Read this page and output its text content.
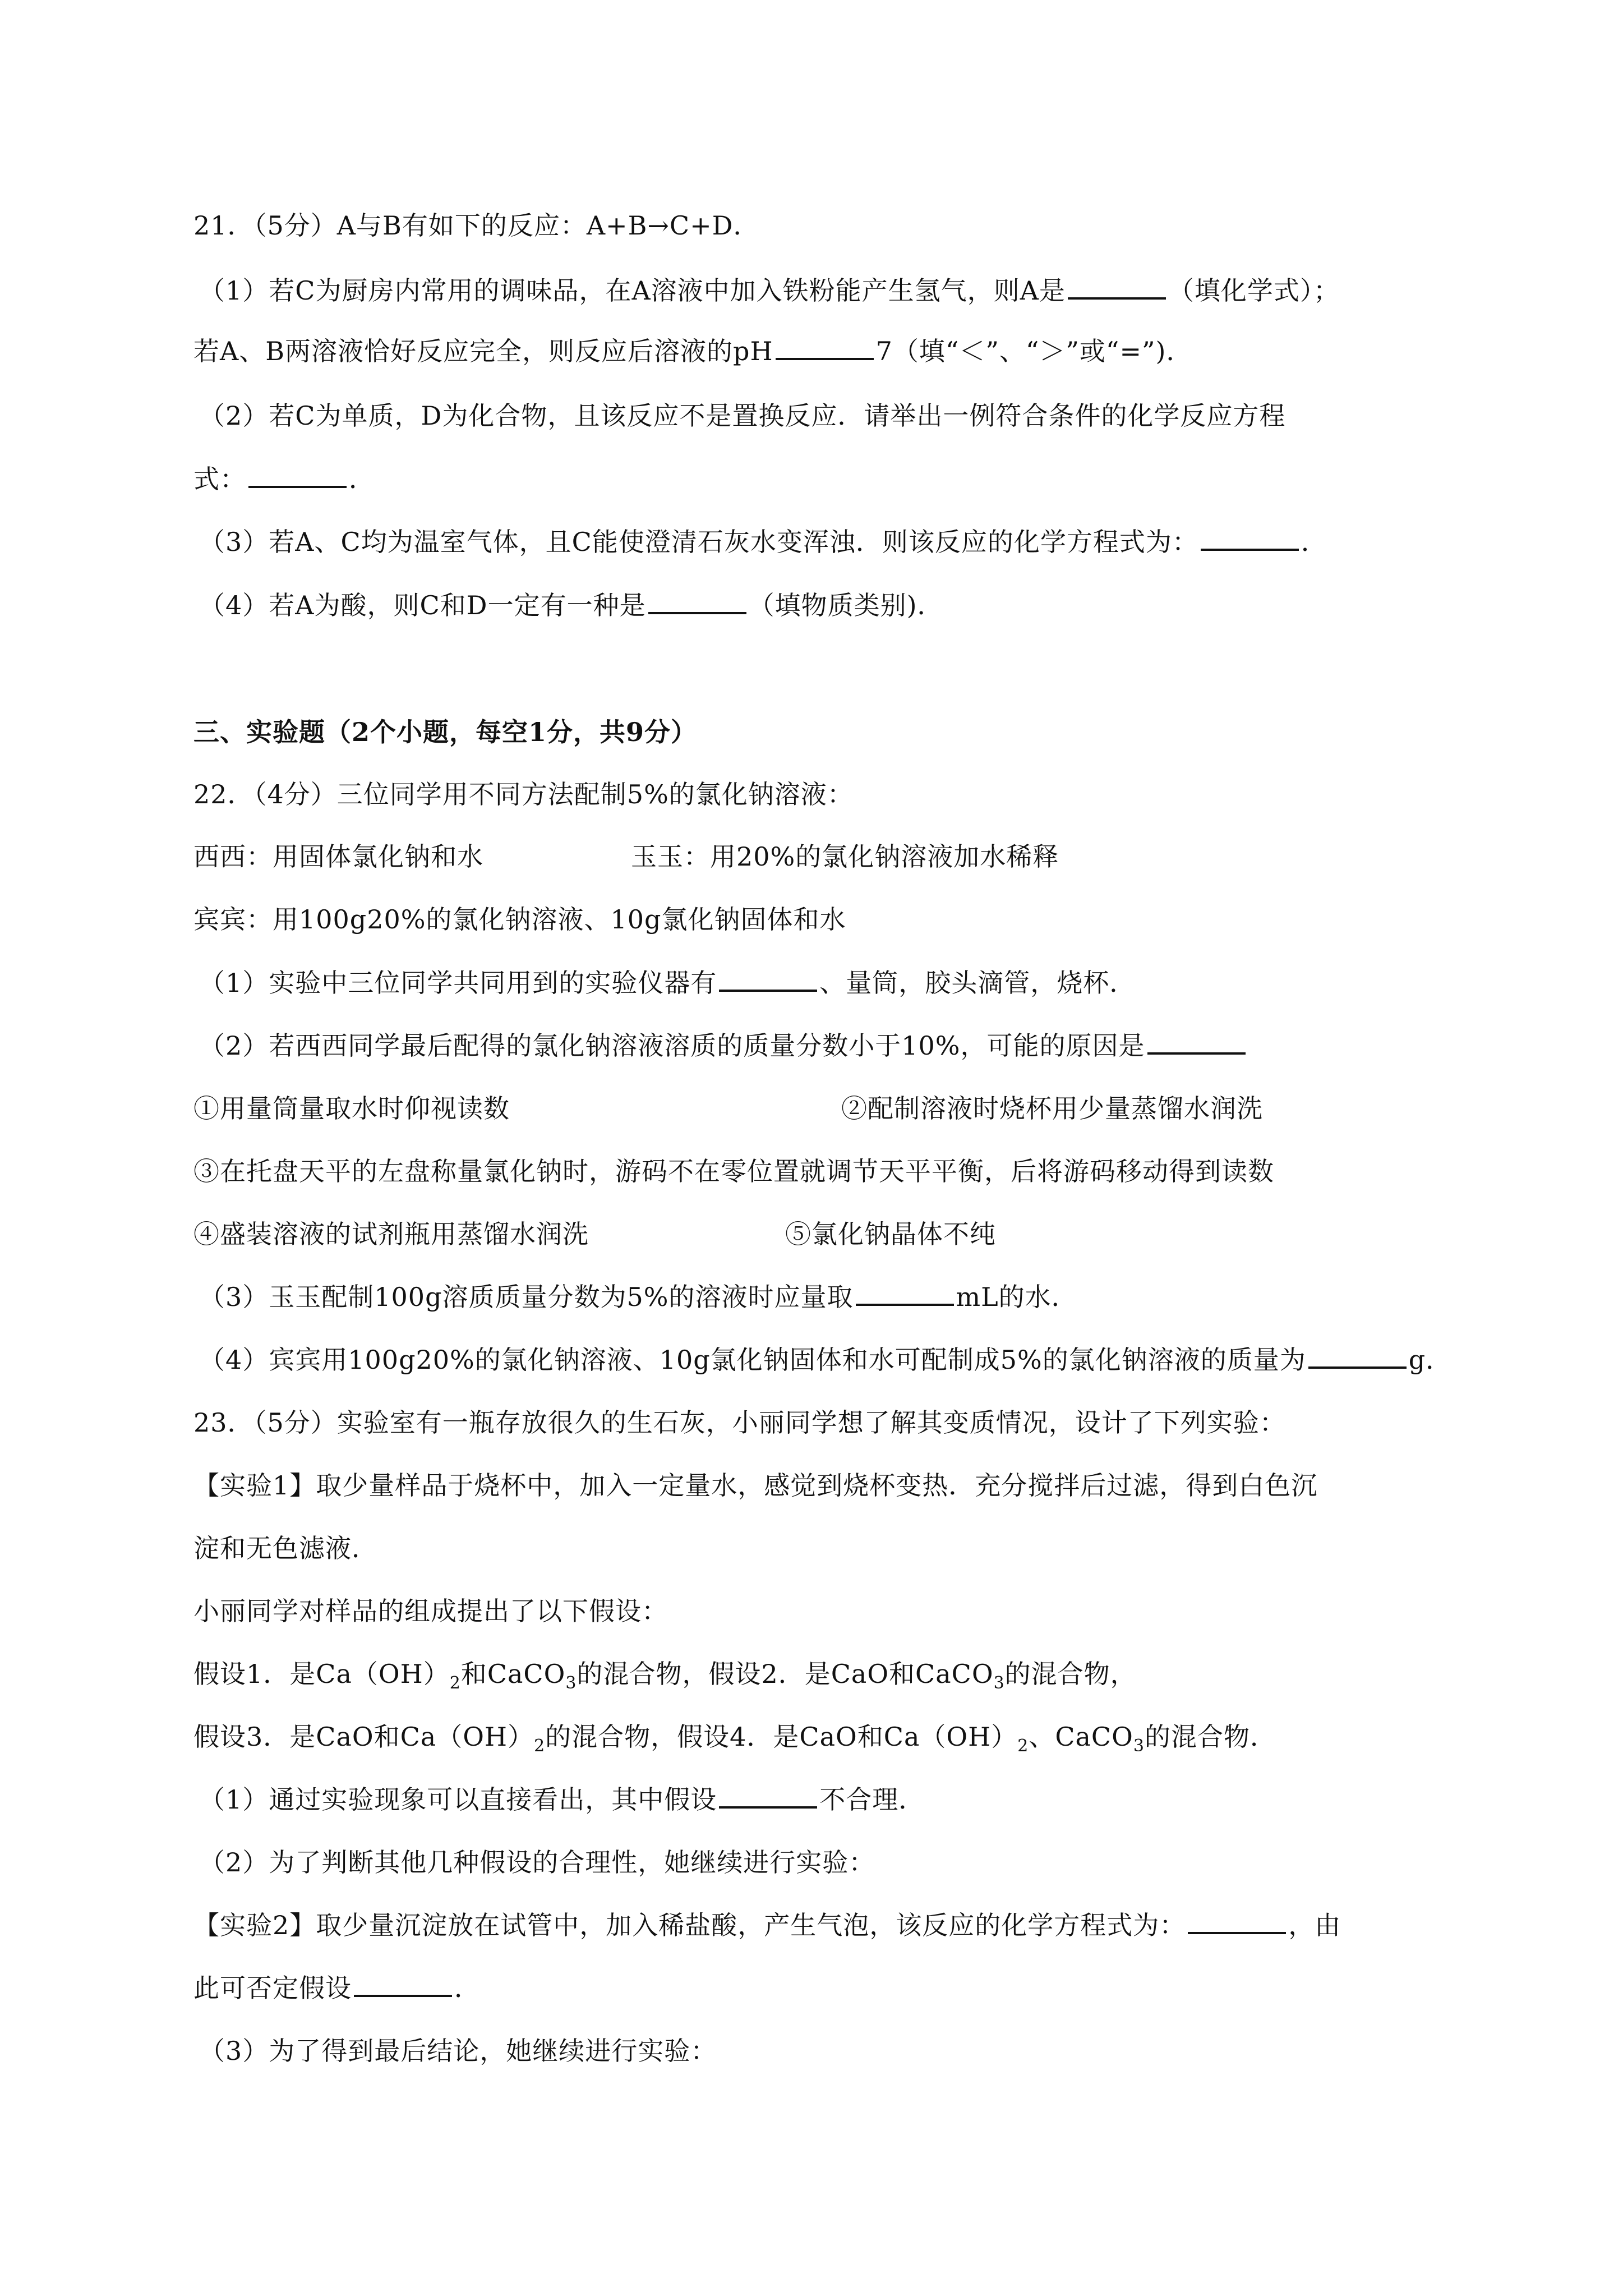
21．（5分）A与B有如下的反应：A+B→C+D．
（1）若C为厨房内常用的调味品，在A溶液中加入铁粉能产生氢气，则A是	（填化学式）；
若A、B两溶液恰好反应完全，则反应后溶液的pH	7（填“＜”、“＞”或“=”)．
（2）若C为单质，D为化合物，且该反应不是置换反应．请举出一例符合条件的化学反应方程
式：	．
（3）若A、C均为温室气体，且C能使澄清石灰水变浑浊．则该反应的化学方程式为：	．
（4）若A为酸，则C和D一定有一种是	（填物质类别)．
三、实验题（2个小题，每空1分，共9分）
22．（4分）三位同学用不同方法配制5%的氯化钠溶液：
西西：用固体氯化钠和水	玉玉：用20%的氯化钠溶液加水稀释
宾宾：用100g20%的氯化钠溶液、10g氯化钠固体和水
（1）实验中三位同学共同用到的实验仪器有	、量筒，胶头滴管，烧杯．
（2）若西西同学最后配得的氯化钠溶液溶质的质量分数小于10%，可能的原因是
①用量筒量取水时仰视读数	②配制溶液时烧杯用少量蒸馏水润洗
③在托盘天平的左盘称量氯化钠时，游码不在零位置就调节天平平衡，后将游码移动得到读数
④盛装溶液的试剂瓶用蒸馏水润洗	⑤氯化钠晶体不纯
（3）玉玉配制100g溶质质量分数为5%的溶液时应量取	mL的水．
（4）宾宾用100g20%的氯化钠溶液、10g氯化钠固体和水可配制成5%的氯化钠溶液的质量为	g．
23．（5分）实验室有一瓶存放很久的生石灰，小丽同学想了解其变质情况，设计了下列实验：
【实验1】取少量样品于烧杯中，加入一定量水，感觉到烧杯变热．充分搅拌后过滤，得到白色沉
淀和无色滤液．
小丽同学对样品的组成提出了以下假设：
假设1．是$Ca(OH)_2$和CaCO$_3$的混合物，假设2．是CaO和CaCO$_3$的混合物，
假设3．是CaO和$Ca(OH)_2$的混合物，假设4．是CaO和$Ca(OH)_2$、CaCO$_3$的混合物．
（1）通过实验现象可以直接看出，其中假设	不合理．
（2）为了判断其他几种假设的合理性，她继续进行实验：
【实验2】取少量沉淀放在试管中，加入稀盐酸，产生气泡，该反应的化学方程式为：	，由
此可否定假设	．
（3）为了得到最后结论，她继续进行实验：
